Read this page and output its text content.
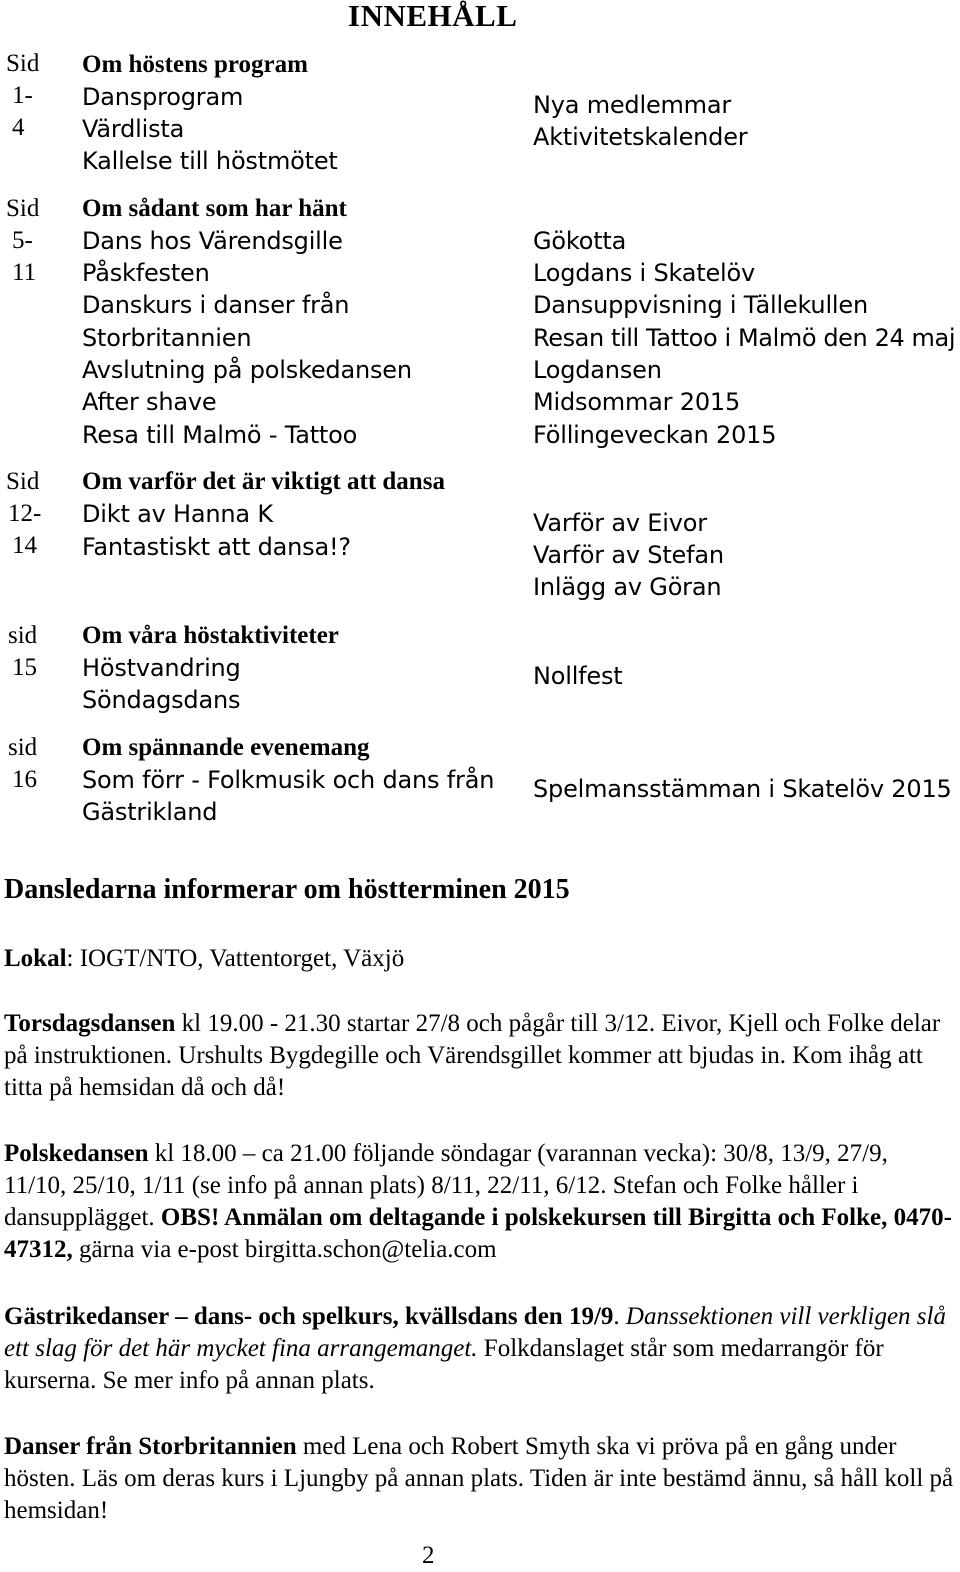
INNEHÅLL
Sid
1-
4
Om höstens program
Dansprogram
Värdlista
Kallelse till höstmötet
Nya medlemmar
Aktivitetskalender
Sid
5-
11
Om sådant som har hänt
Dans hos Värendsgille
Påskfesten
Danskurs i danser från
Storbritannien
Avslutning på polskedansen
After shave
Resa till Malmö - Tattoo
Gökotta
Logdans i Skatelöv
Dansuppvisning i Tällekullen
Resan till Tattoo i Malmö den 24 maj
Logdansen
Midsommar 2015
Föllingeveckan 2015
Sid
12-
14
Om varför det är viktigt att dansa
Dikt av Hanna K
Fantastiskt att dansa!?
Varför av Eivor
Varför av Stefan
Inlägg av Göran
sid
15
Om våra höstaktiviteter
Höstvandring
Söndagsdans
Nollfest
sid
16
Om spännande evenemang
Som förr - Folkmusik och dans från
Gästrikland
Spelmansstämman i Skatelöv 2015
Dansledarna informerar om höstterminen 2015
Lokal: IOGT/NTO, Vattentorget, Växjö
Torsdagsdansen kl 19.00 - 21.30 startar 27/8 och pågår till 3/12. Eivor, Kjell och Folke delar på instruktionen. Urshults Bygdegille och Värendsgillet kommer att bjudas in. Kom ihåg att titta på hemsidan då och då!
Polskedansen kl 18.00 – ca 21.00 följande söndagar (varannan vecka): 30/8, 13/9, 27/9, 11/10, 25/10, 1/11 (se info på annan plats) 8/11, 22/11, 6/12. Stefan och Folke håller i dansupplägget. OBS! Anmälan om deltagande i polskekursen till Birgitta och Folke, 0470-47312, gärna via e-post birgitta.schon@telia.com
Gästrikedanser – dans- och spelkurs, kvällsdans den 19/9. Danssektionen vill verkligen slå ett slag för det här mycket fina arrangemanget. Folkdanslaget står som medarrangör för kurserna. Se mer info på annan plats.
Danser från Storbritannien med Lena och Robert Smyth ska vi pröva på en gång under hösten. Läs om deras kurs i Ljungby på annan plats. Tiden är inte bestämd ännu, så håll koll på hemsidan!
2
